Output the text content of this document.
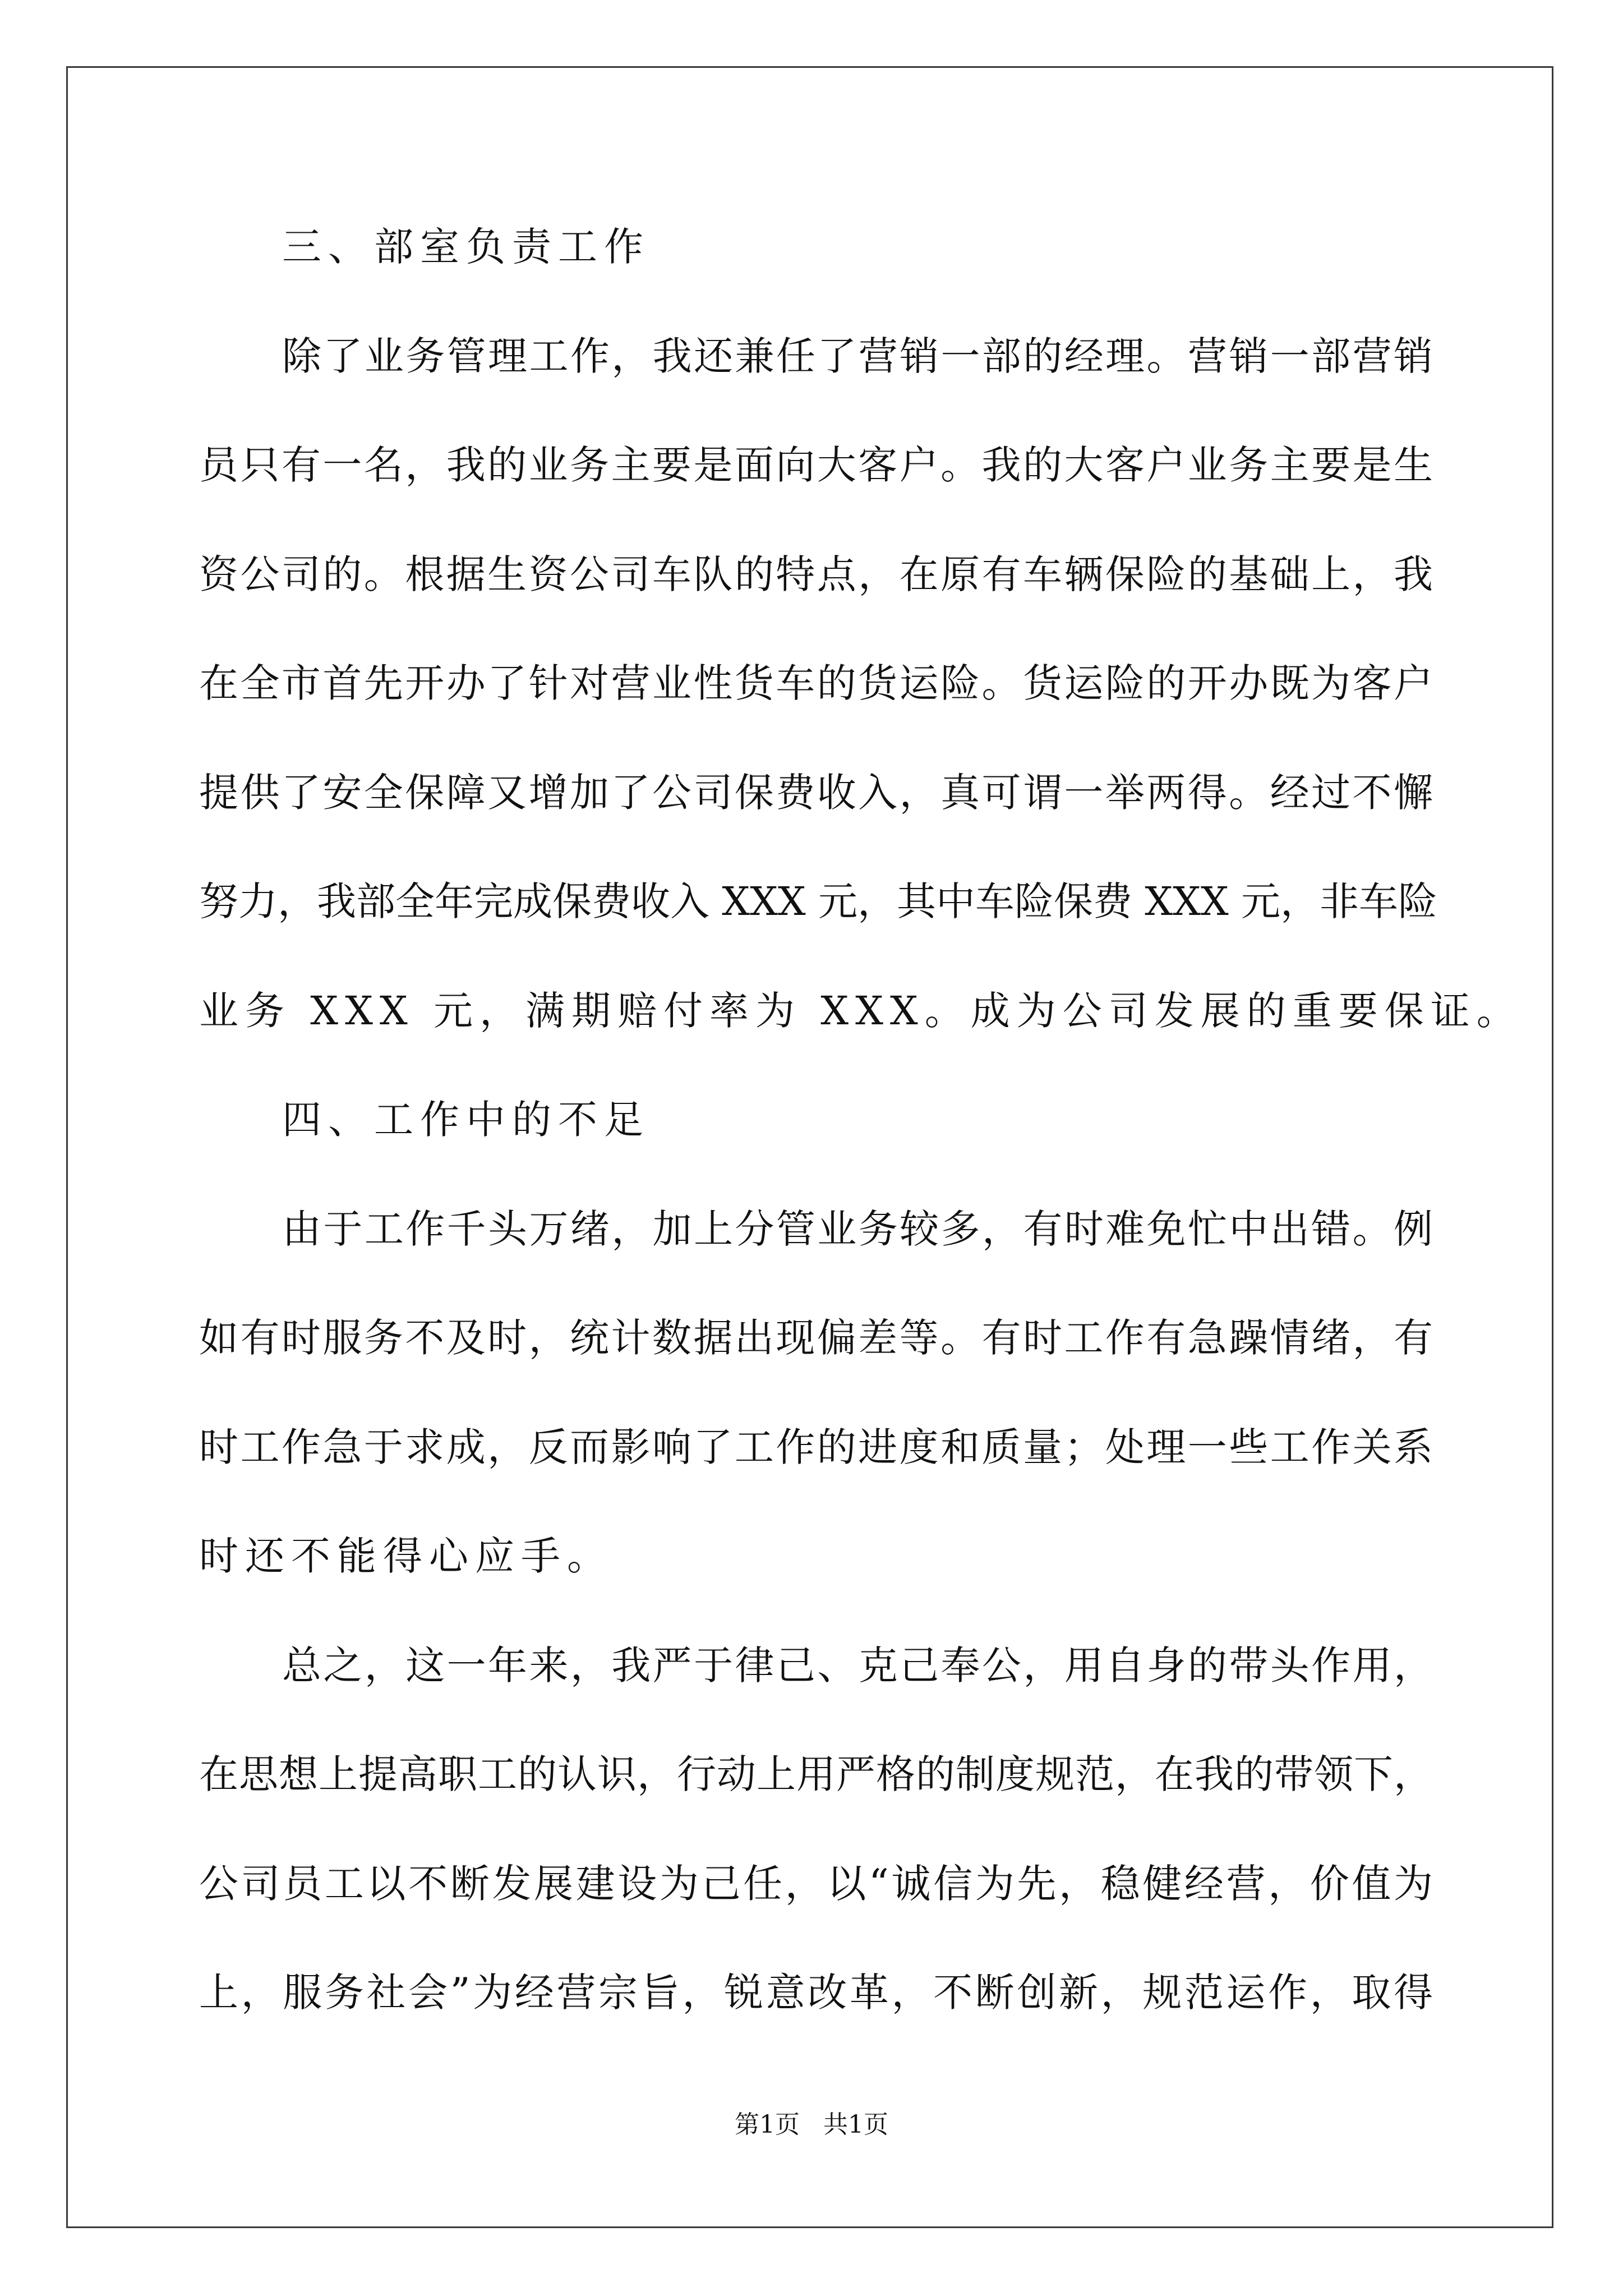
三、部室负责工作
除了业务管理工作，我还兼任了营销一部的经理。营销一部营销
员只有一名，我的业务主要是面向大客户。我的大客户业务主要是生
资公司的。根据生资公司车队的特点，在原有车辆保险的基础上，我
在全市首先开办了针对营业性货车的货运险。货运险的开办既为客户
提供了安全保障又增加了公司保费收入，真可谓一举两得。经过不懈
努力，我部全年完成保费收入 XXX 元，其中车险保费 XXX 元，非车险
业务 XXX 元，满期赔付率为 XXX。成为公司发展的重要保证。
四、工作中的不足
由于工作千头万绪，加上分管业务较多，有时难免忙中出错。例
如有时服务不及时，统计数据出现偏差等。有时工作有急躁情绪，有
时工作急于求成，反而影响了工作的进度和质量；处理一些工作关系
时还不能得心应手。
总之，这一年来，我严于律己、克己奉公，用自身的带头作用，
在思想上提高职工的认识，行动上用严格的制度规范，在我的带领下，
公司员工以不断发展建设为己任，以“诚信为先，稳健经营，价值为
上，服务社会”为经营宗旨，锐意改革，不断创新，规范运作，取得
第1页 共1页
